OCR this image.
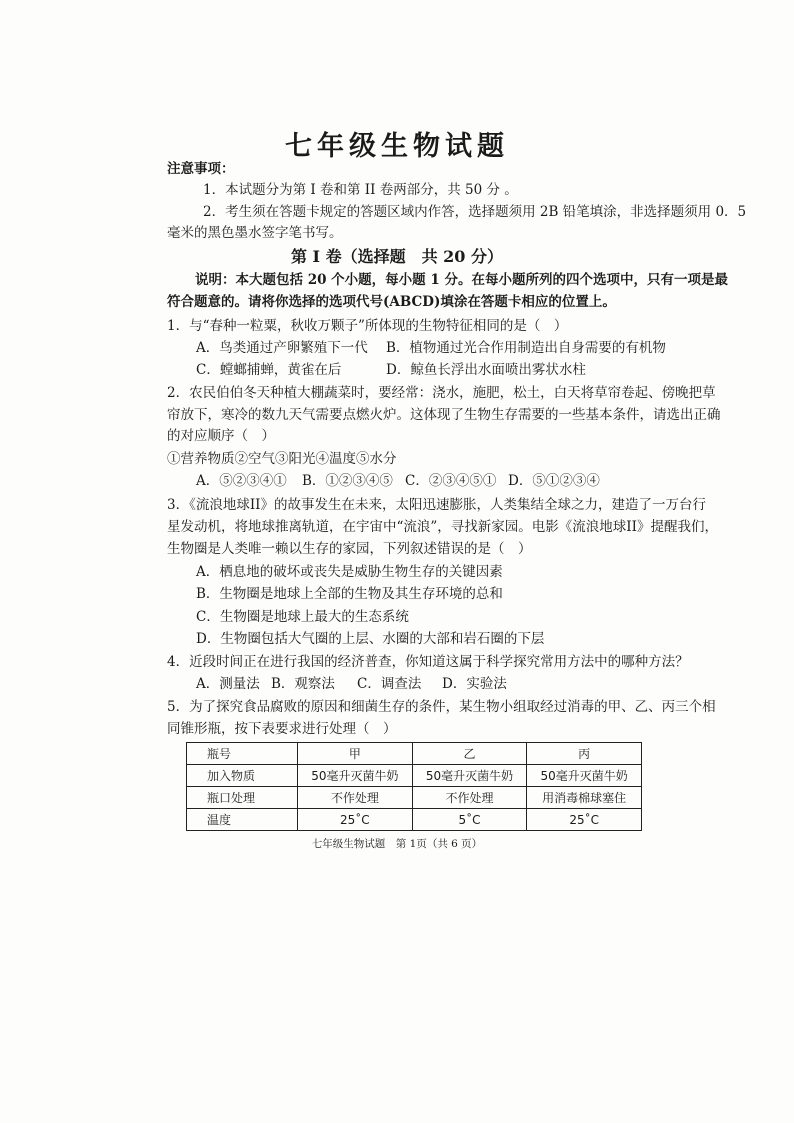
七年级生物试题
注意事项：
1．本试题分为第 I 卷和第 II 卷两部分，共 50 分 。
2．考生须在答题卡规定的答题区域内作答，选择题须用 2B 铅笔填涂，非选择题须用 0．5
毫米的黑色墨水签字笔书写。
第 I 卷（选择题　共 20 分）
说明：本大题包括 20 个小题，每小题 1 分。在每小题所列的四个选项中，只有一项是最
符合题意的。请将你选择的选项代号(ABCD)填涂在答题卡相应的位置上。
1．与“春种一粒粟，秋收万颗子”所体现的生物特征相同的是（　）
A．鸟类通过产卵繁殖下一代 B．植物通过光合作用制造出自身需要的有机物
C．螳螂捕蝉，黄雀在后	D．鲸鱼长浮出水面喷出雾状水柱
2．农民伯伯冬天种植大棚蔬菜时，要经常：浇水，施肥，松土，白天将草帘卷起、傍晚把草
帘放下，寒冷的数九天气需要点燃火炉。这体现了生物生存需要的一些基本条件，请选出正确
的对应顺序（　）
①营养物质②空气③阳光④温度⑤水分
A．⑤②③④① B．①②③④⑤ C．②③④⑤① D．⑤①②③④
3．《流浪地球II》的故事发生在未来，太阳迅速膨胀，人类集结全球之力，建造了一万台行
星发动机，将地球推离轨道，在宇宙中“流浪”，寻找新家园。电影《流浪地球II》提醒我们，
生物圈是人类唯一赖以生存的家园，下列叙述错误的是（　）
A．栖息地的破坏或丧失是威胁生物生存的关键因素
B．生物圈是地球上全部的生物及其生存环境的总和
C．生物圈是地球上最大的生态系统
D．生物圈包括大气圈的上层、水圈的大部和岩石圈的下层
4．近段时间正在进行我国的经济普查，你知道这属于科学探究常用方法中的哪种方法？
A．测量法 B．观察法 C．调查法 D．实验法
5．为了探究食品腐败的原因和细菌生存的条件，某生物小组取经过消毒的甲、乙、丙三个相
同锥形瓶，按下表要求进行处理（　）
瓶号	甲	乙	丙
加入物质	50毫升灭菌牛奶	50毫升灭菌牛奶	50毫升灭菌牛奶
瓶口处理	不作处理	不作处理	用消毒棉球塞住
温度	25˚C	5˚C	25˚C
七年级生物试题　第 1页（共 6 页）
